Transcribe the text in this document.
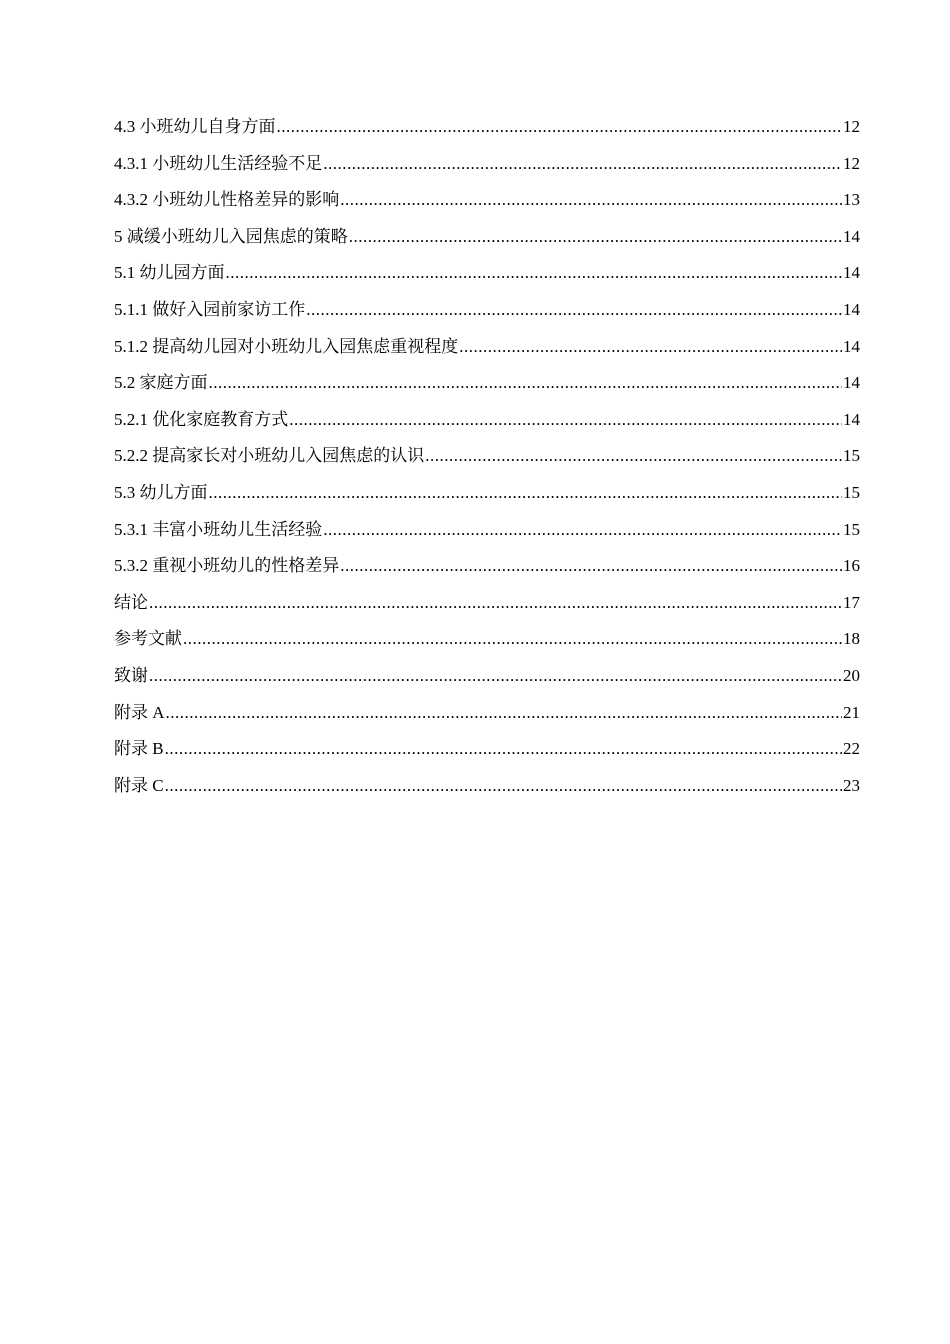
4.3 小班幼儿自身方面 .....	12
4.3.1 小班幼儿生活经验不足 .....	12
4.3.2 小班幼儿性格差异的影响 .....	13
5 减缓小班幼儿入园焦虑的策略 .....	14
5.1 幼儿园方面 .....	14
5.1.1 做好入园前家访工作 .....	14
5.1.2 提高幼儿园对小班幼儿入园焦虑重视程度 .....	14
5.2 家庭方面 .....	14
5.2.1 优化家庭教育方式 .....	14
5.2.2 提高家长对小班幼儿入园焦虑的认识 .....	15
5.3 幼儿方面 .....	15
5.3.1 丰富小班幼儿生活经验 .....	15
5.3.2 重视小班幼儿的性格差异 .....	16
结论 .....	17
参考文献 .....	18
致谢 .....	20
附录 A .....	21
附录 B .....	22
附录 C .....	23
